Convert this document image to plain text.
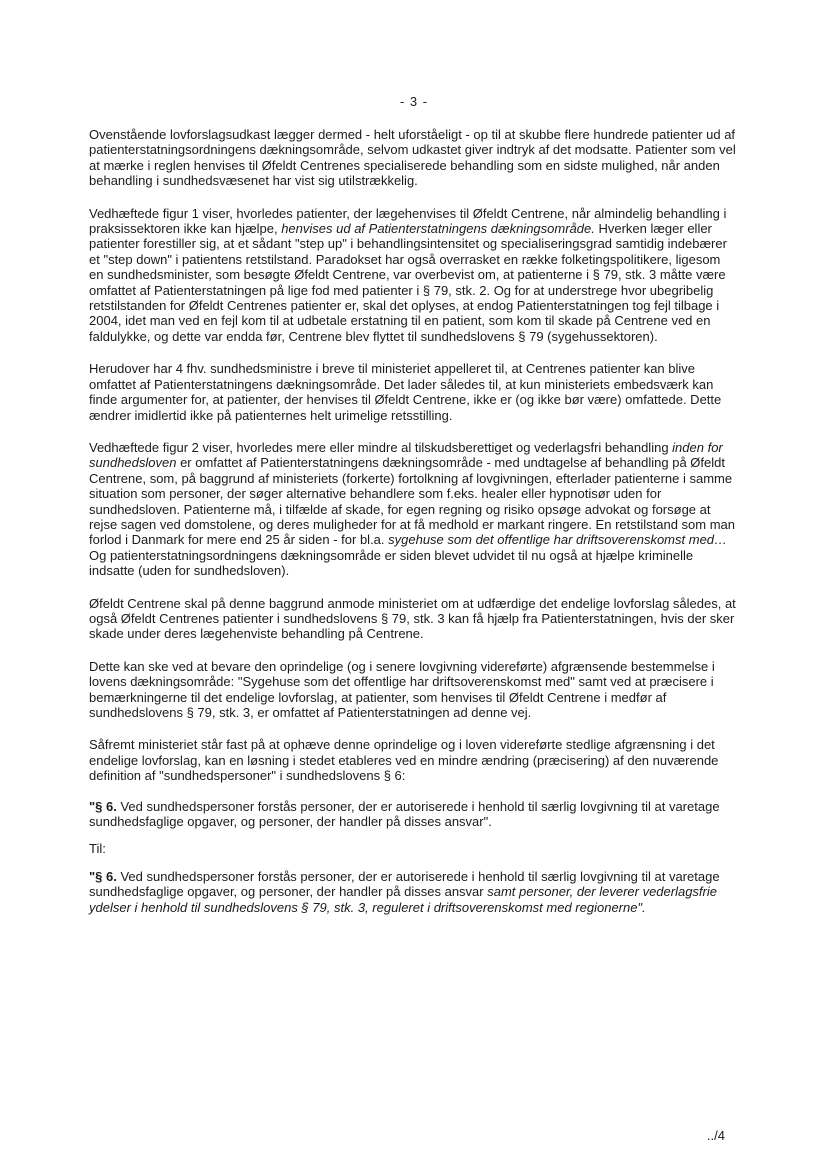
- 3 -

Ovenstående lovforslagsudkast lægger dermed - helt uforståeligt - op til at skubbe flere hundrede patienter ud af patienterstatningsordningens dækningsområde, selvom udkastet giver indtryk af det modsatte. Patienter som vel at mærke i reglen henvises til Øfeldt Centrenes specialiserede behandling som en sidste mulighed, når anden behandling i sundhedsvæsenet har vist sig utilstrækkelig.

Vedhæftede figur 1 viser, hvorledes patienter, der lægehenvises til Øfeldt Centrene, når almindelig behandling i praksissektoren ikke kan hjælpe, henvises ud af Patienterstatningens dækningsområde. Hverken læger eller patienter forestiller sig, at et sådant "step up" i behandlingsintensitet og specialiseringsgrad samtidig indebærer et "step down" i patientens retstilstand. Paradokset har også overrasket en række folketingspolitikere, ligesom en sundhedsminister, som besøgte Øfeldt Centrene, var overbevist om, at patienterne i § 79, stk. 3 måtte være omfattet af Patienterstatningen på lige fod med patienter i § 79, stk. 2. Og for at understrege hvor ubegribelig retstilstanden for Øfeldt Centrenes patienter er, skal det oplyses, at endog Patienterstatningen tog fejl tilbage i 2004, idet man ved en fejl kom til at udbetale erstatning til en patient, som kom til skade på Centrene ved en faldulykke, og dette var endda før, Centrene blev flyttet til sundhedslovens § 79 (sygehussektoren).

Herudover har 4 fhv. sundhedsministre i breve til ministeriet appelleret til, at Centrenes patienter kan blive omfattet af Patienterstatningens dækningsområde. Det lader således til, at kun ministeriets embedsværk kan finde argumenter for, at patienter, der henvises til Øfeldt Centrene, ikke er (og ikke bør være) omfattede. Dette ændrer imidlertid ikke på patienternes helt urimelige retsstilling.

Vedhæftede figur 2 viser, hvorledes mere eller mindre al tilskudsberettiget og vederlagsfri behandling inden for sundhedsloven er omfattet af Patienterstatningens dækningsområde - med undtagelse af behandling på Øfeldt Centrene, som, på baggrund af ministeriets (forkerte) fortolkning af lovgivningen, efterlader patienterne i samme situation som personer, der søger alternative behandlere som f.eks. healer eller hypnotisør uden for sundhedsloven. Patienterne må, i tilfælde af skade, for egen regning og risiko opsøge advokat og forsøge at rejse sagen ved domstolene, og deres muligheder for at få medhold er markant ringere. En retstilstand som man forlod i Danmark for mere end 25 år siden - for bl.a. sygehuse som det offentlige har driftsoverenskomst med… Og patienterstatningsordningens dækningsområde er siden blevet udvidet til nu også at hjælpe kriminelle indsatte (uden for sundhedsloven).

Øfeldt Centrene skal på denne baggrund anmode ministeriet om at udfærdige det endelige lovforslag således, at også Øfeldt Centrenes patienter i sundhedslovens § 79, stk. 3 kan få hjælp fra Patienterstatningen, hvis der sker skade under deres lægehenviste behandling på Centrene.

Dette kan ske ved at bevare den oprindelige (og i senere lovgivning videreførte) afgrænsende bestemmelse i lovens dækningsområde: "Sygehuse som det offentlige har driftsoverenskomst med" samt ved at præcisere i bemærkningerne til det endelige lovforslag, at patienter, som henvises til Øfeldt Centrene i medfør af sundhedslovens § 79, stk. 3, er omfattet af Patienterstatningen ad denne vej.

Såfremt ministeriet står fast på at ophæve denne oprindelige og i loven videreførte stedlige afgrænsning i det endelige lovforslag, kan en løsning i stedet etableres ved en mindre ændring (præcisering) af den nuværende definition af "sundhedspersoner" i sundhedslovens § 6:

"§ 6. Ved sundhedspersoner forstås personer, der er autoriserede i henhold til særlig lovgivning til at varetage sundhedsfaglige opgaver, og personer, der handler på disses ansvar".

Til:

"§ 6. Ved sundhedspersoner forstås personer, der er autoriserede i henhold til særlig lovgivning til at varetage sundhedsfaglige opgaver, og personer, der handler på disses ansvar samt personer, der leverer vederlagsfrie ydelser i henhold til sundhedslovens § 79, stk. 3, reguleret i driftsoverenskomst med regionerne".

../4
